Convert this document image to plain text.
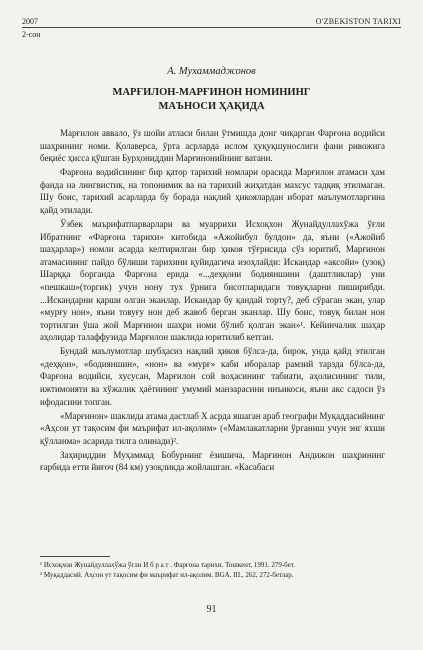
2007
2-сон
O'ZBEKISTON TARIXI
А. Мухаммаджонов
МАРҒИЛОН-МАРҒИНОН НОМИНИНГ
МАЪНОСИ ҲАҚИДА

Марғилон аввало, ўз шойи атласи билан ўтмишда донг чиқарган Фарғона водийси шаҳрининг номи. Қолаверса, ўрта асрларда ислом ҳуқуқшунослиги фани ривожига беқиёс ҳисса қўшган Бурҳониддин Марғинонийнинг ватани.

Фарғона водийсининг бир қатор тарихий номлари орасида Марғилон атамаси ҳам фанда на лингвистик, на топонимик ва на тарихий жиҳатдан махсус тадқиқ этилмаган. Шу боис, тарихий асарларда бу борада нақлий ҳикоялардан иборат маълумотларгина қайд этилади.

Ўзбек маърифатпарварлари ва муаррихи Исхоқхон Жунайдуллахўжа ўғли Ибратнинг «Фарғона тарихи» китобида «Ажойибул булдон» да, яъни («Ажойиб шаҳарлар») номли асарда келтирилган бир ҳикоя тўғрисида сўз юритиб, Марғинон атамасининг пайдо бўлиши тарихини қуйидагича изоҳлайди: Искандар «аксойи» (узоқ) Шарққа борганда Фарғона ерида «...деҳқони бодияншини (даштликлар) уни «пешкаш»(торгик) учун нону тух ўрнига бисотларидаги товуқларни пиширибди. ...Искандарни қарши олган эканлар. Искандар бу қандай торту?, деб сўраган экан, улар «мурғу нон», яъни товуғу нон деб жавоб берган эканлар. Шу боис, товуқ билан нон тортилган ўша жой Марғинон шаҳри номи бўлиб қолган экан»¹. Кейинчалик шаҳар аҳолидар талаффузида Марғилон шаклида юритилиб кетган.

Бундай маълумотлар шубҳасиз нақлий ҳикоя бўлса-да, бирок, унда қайд этилган «деҳқон», «бодияншин», «нон» ва «мурғ» каби иборалар рамзий тарзда бўлса-да, Фарғона водийси, хусусан, Марғилон сой воҳасининг табиати, аҳолисининг тили, ижтимоияти ва хўжалик ҳаётининг умумий манзарасини инъикоси, яъни акс садоси ўз ифодасини топган.

«Марғинон» шаклида атама дастлаб X асрда яшаган араб географи Муқаддасийнинг «Аҳсон ут тақосим фи маърифат ил-ақолим» («Мамлакатларни ўрганиш учун энг яхши қўлланма» асарида тилга олинади)².

Заҳириддин Муҳаммад Бобурнинг ёзишича, Марғинон Андижон шаҳрининг ғарбида етти йиғоч (84 км) узоқликда жойлашган. «Касабаси

¹ Исхоқхон Жунайдуллахўжа ўғли И б р а т . Фарғона тарихи. Тошкент, 1991. 279-бет.
² Муқаддасий. Аҳсон ут тақосим фи маърифат ил-ақолим. BGA. III., 262, 272-бетлар.
91
